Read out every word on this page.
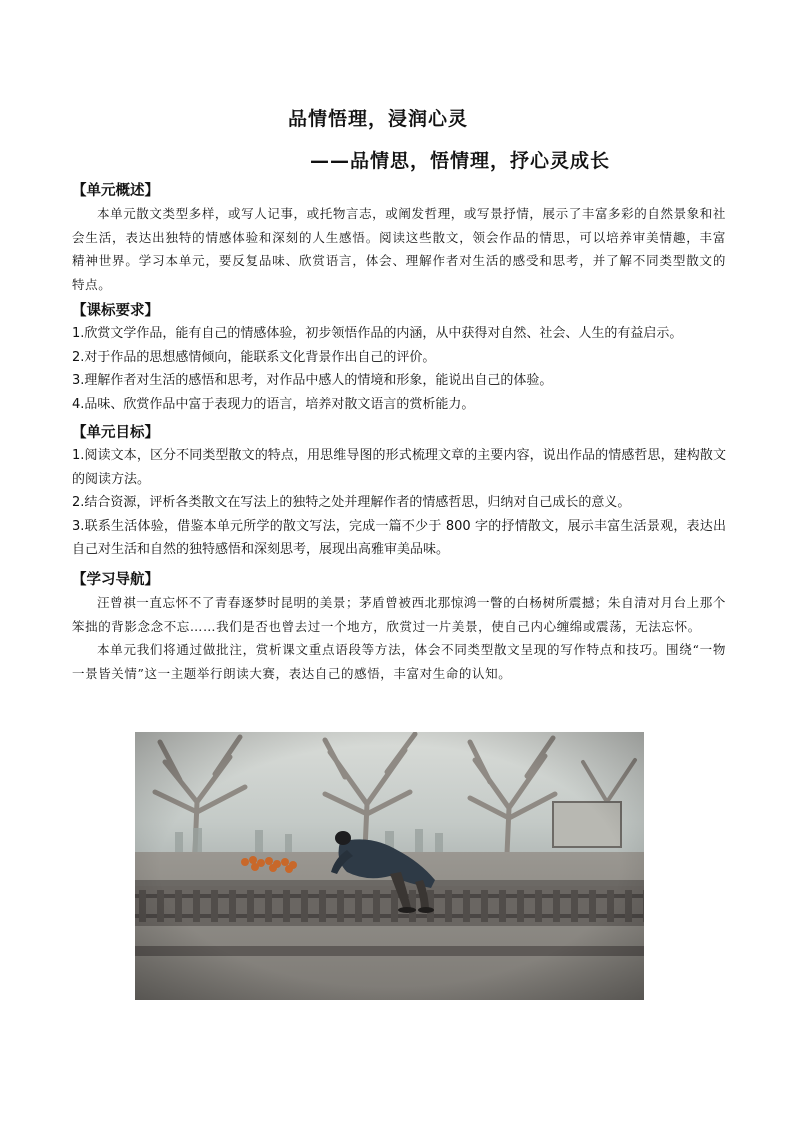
品情悟理，浸润心灵
——品情思，悟情理，抒心灵成长
【单元概述】

本单元散文类型多样，或写人记事，或托物言志，或阐发哲理，或写景抒情，展示了丰富多彩的自然景象和社会生活，表达出独特的情感体验和深刻的人生感悟。阅读这些散文，领会作品的情思，可以培养审美情趣，丰富精神世界。学习本单元，要反复品味、欣赏语言，体会、理解作者对生活的感受和思考，并了解不同类型散文的特点。

【课标要求】

1.欣赏文学作品，能有自己的情感体验，初步领悟作品的内涵，从中获得对自然、社会、人生的有益启示。

2.对于作品的思想感情倾向，能联系文化背景作出自己的评价。

3.理解作者对生活的感悟和思考，对作品中感人的情境和形象，能说出自己的体验。

4.品味、欣赏作品中富于表现力的语言，培养对散文语言的赏析能力。

【单元目标】

1.阅读文本，区分不同类型散文的特点，用思维导图的形式梳理文章的主要内容，说出作品的情感哲思，建构散文的阅读方法。

2.结合资源，评析各类散文在写法上的独特之处并理解作者的情感哲思，归纳对自己成长的意义。

3.联系生活体验，借鉴本单元所学的散文写法，完成一篇不少于 800 字的抒情散文，展示丰富生活景观，表达出自己对生活和自然的独特感悟和深刻思考，展现出高雅审美品味。

【学习导航】

汪曾祺一直忘怀不了青春逐梦时昆明的美景；茅盾曾被西北那惊鸿一瞥的白杨树所震撼；朱自清对月台上那个笨拙的背影念念不忘……我们是否也曾去过一个地方，欣赏过一片美景，使自己内心缠绵或震荡，无法忘怀。

本单元我们将通过做批注，赏析课文重点语段等方法，体会不同类型散文呈现的写作特点和技巧。围绕“一物一景皆关情”这一主题举行朗读大赛，表达自己的感悟，丰富对生命的认知。
